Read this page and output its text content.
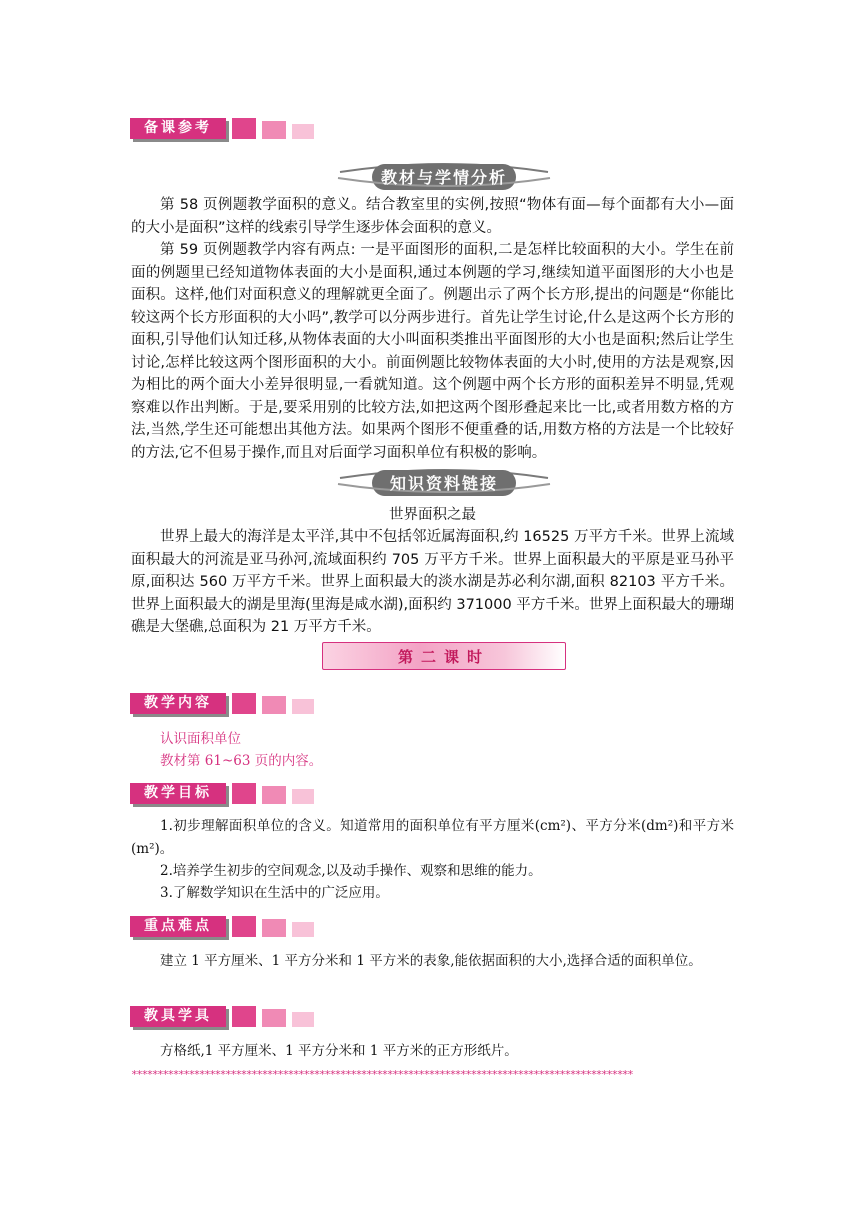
备课参考
教材与学情分析

第 58 页例题教学面积的意义。结合教室里的实例,按照“物体有面—每个面都有大小—面的大小是面积”这样的线索引导学生逐步体会面积的意义。

第 59 页例题教学内容有两点: 一是平面图形的面积,二是怎样比较面积的大小。学生在前面的例题里已经知道物体表面的大小是面积,通过本例题的学习,继续知道平面图形的大小也是面积。这样,他们对面积意义的理解就更全面了。例题出示了两个长方形,提出的问题是“你能比较这两个长方形面积的大小吗”,教学可以分两步进行。首先让学生讨论,什么是这两个长方形的面积,引导他们认知迁移,从物体表面的大小叫面积类推出平面图形的大小也是面积;然后让学生讨论,怎样比较这两个图形面积的大小。前面例题比较物体表面的大小时,使用的方法是观察,因为相比的两个面大小差异很明显,一看就知道。这个例题中两个长方形的面积差异不明显,凭观察难以作出判断。于是,要采用别的比较方法,如把这两个图形叠起来比一比,或者用数方格的方法,当然,学生还可能想出其他方法。如果两个图形不便重叠的话,用数方格的方法是一个比较好的方法,它不但易于操作,而且对后面学习面积单位有积极的影响。

知识资料链接
世界面积之最

世界上最大的海洋是太平洋,其中不包括邻近属海面积,约 16525 万平方千米。世界上流域面积最大的河流是亚马孙河,流域面积约 705 万平方千米。世界上面积最大的平原是亚马孙平原,面积达 560 万平方千米。世界上面积最大的淡水湖是苏必利尔湖,面积 82103 平方千米。世界上面积最大的湖是里海(里海是咸水湖),面积约 371000 平方千米。世界上面积最大的珊瑚礁是大堡礁,总面积为 21 万平方千米。

第二课时
教学内容
认识面积单位
教材第 61~63 页的内容。
教学目标

1.初步理解面积单位的含义。知道常用的面积单位有平方厘米(cm²)、平方分米(dm²)和平方米(m²)。

2.培养学生初步的空间观念,以及动手操作、观察和思维的能力。

3.了解数学知识在生活中的广泛应用。

重点难点

建立 1 平方厘米、1 平方分米和 1 平方米的表象,能依据面积的大小,选择合适的面积单位。

教具学具

方格纸,1 平方厘米、1 平方分米和 1 平方米的正方形纸片。

************************************************************************************************
